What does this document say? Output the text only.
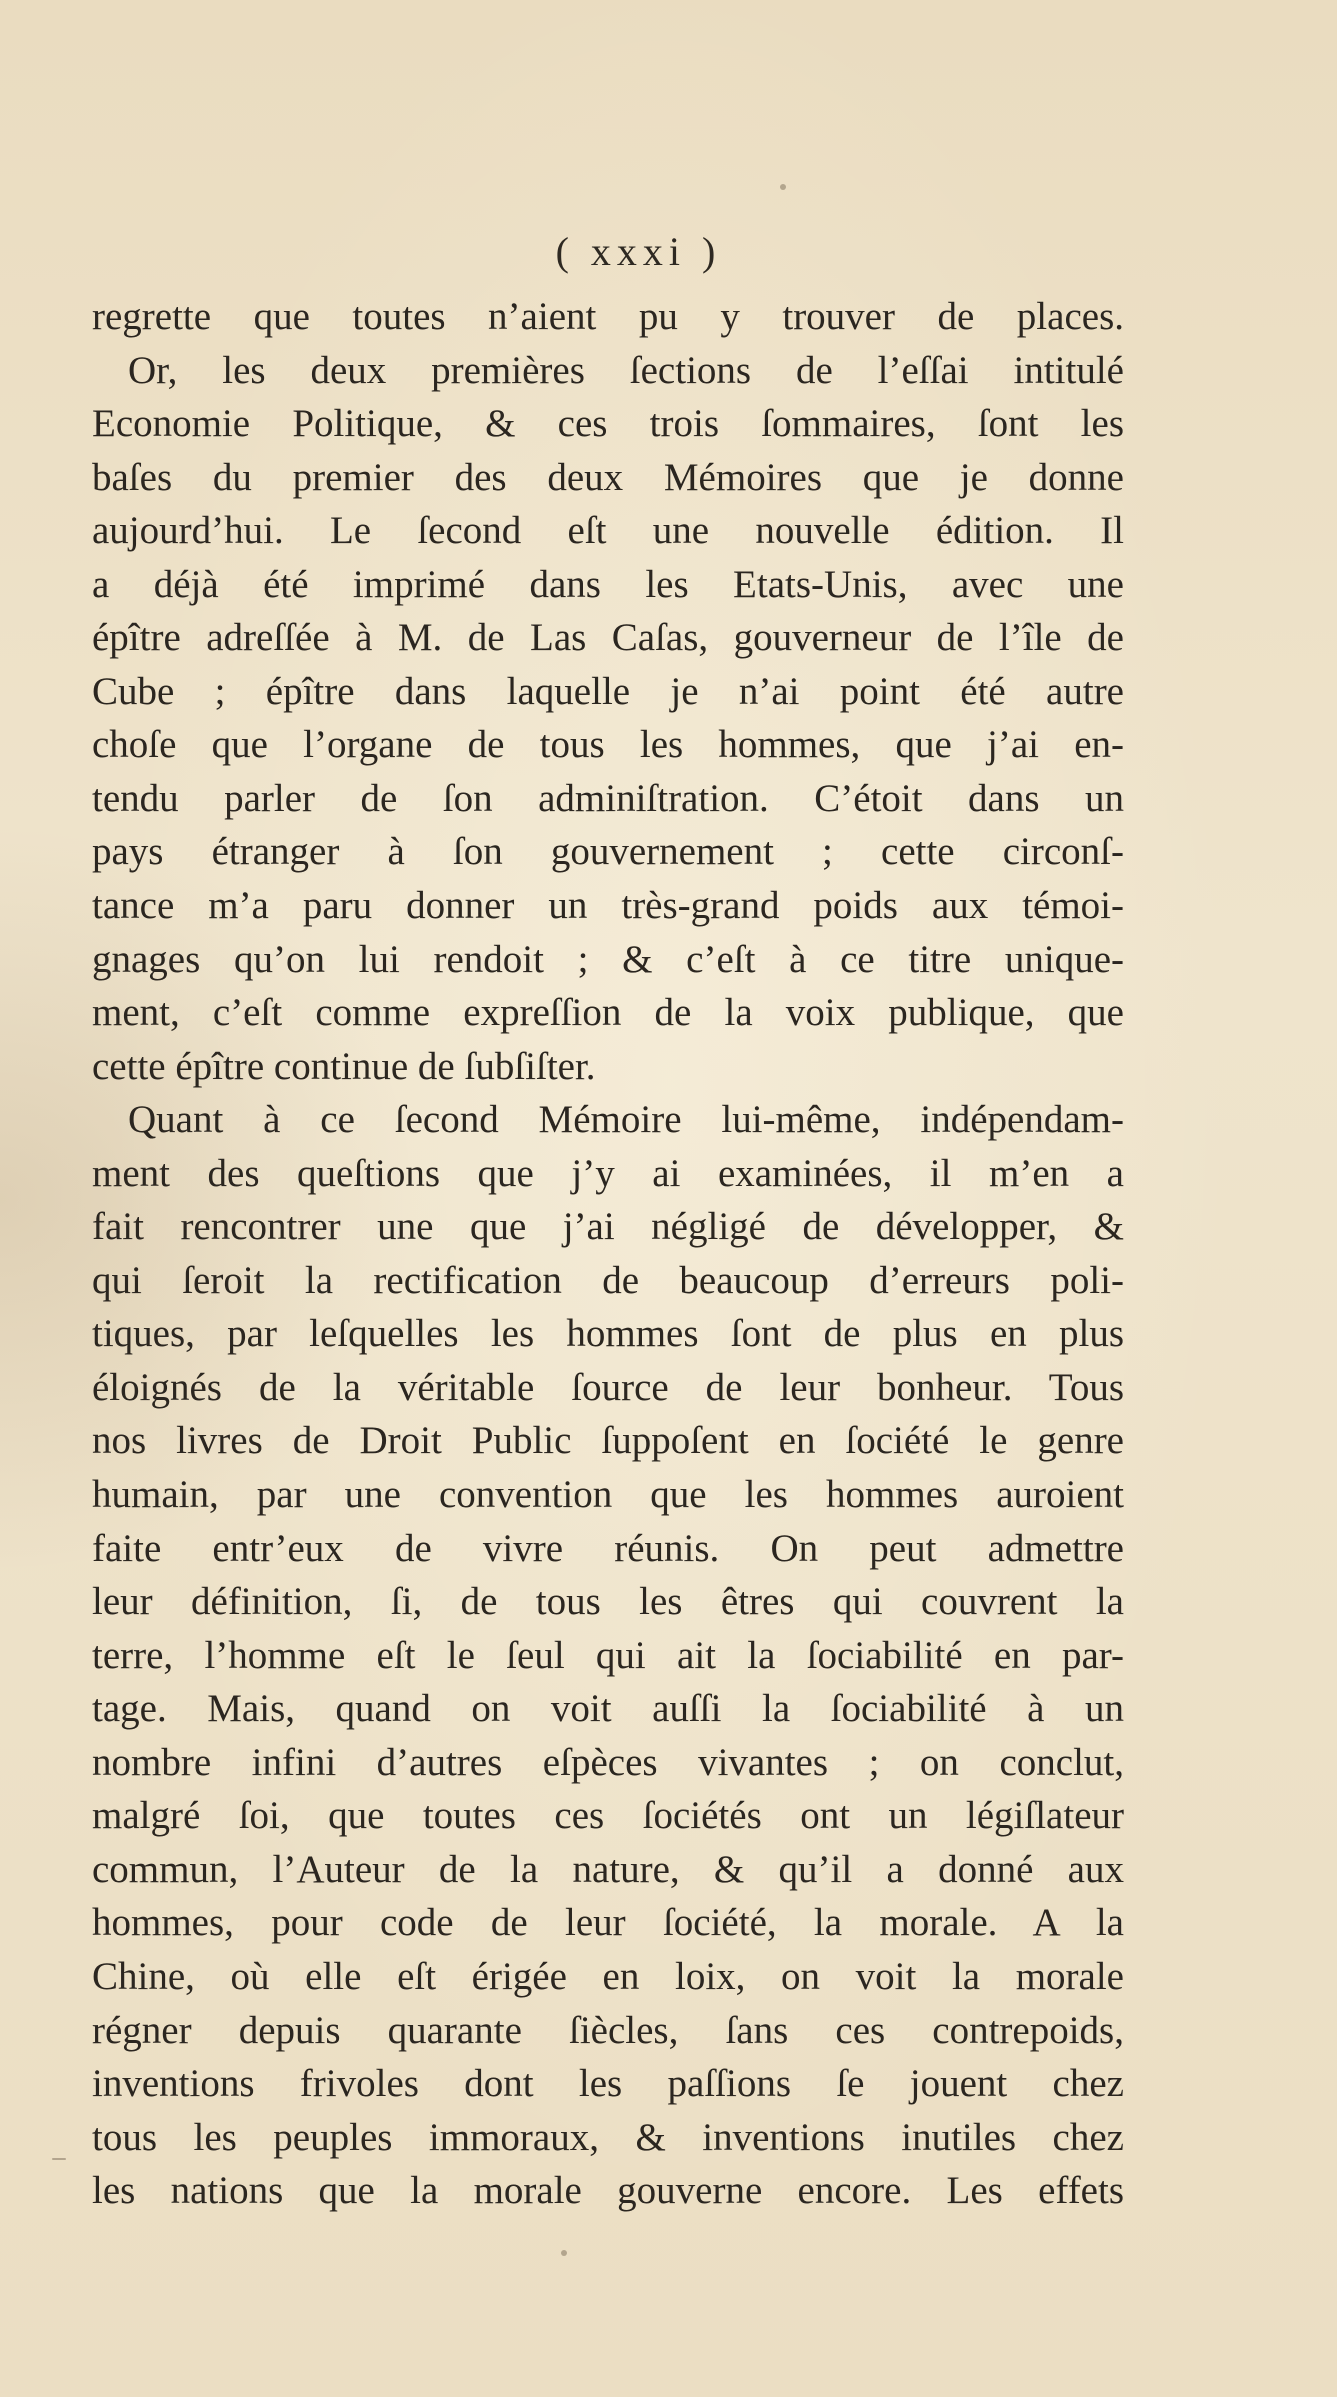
( xxxi )
regrette que toutes n’aient pu y trouver de places.
Or, les deux premières ſections de l’eſſai intitulé
Economie Politique, & ces trois ſommaires, ſont les
baſes du premier des deux Mémoires que je donne
aujourd’hui. Le ſecond eſt une nouvelle édition. Il
a déjà été imprimé dans les Etats-Unis, avec une
épître adreſſée à M. de Las Caſas, gouverneur de l’île de
Cube ; épître dans laquelle je n’ai point été autre
choſe que l’organe de tous les hommes, que j’ai en-
tendu parler de ſon adminiſtration. C’étoit dans un
pays étranger à ſon gouvernement ; cette circonſ-
tance m’a paru donner un très-grand poids aux témoi-
gnages qu’on lui rendoit ; & c’eſt à ce titre unique-
ment, c’eſt comme expreſſion de la voix publique, que
cette épître continue de ſubſiſter.
Quant à ce ſecond Mémoire lui-même, indépendam-
ment des queſtions que j’y ai examinées, il m’en a
fait rencontrer une que j’ai négligé de développer, &
qui ſeroit la rectification de beaucoup d’erreurs poli-
tiques, par leſquelles les hommes ſont de plus en plus
éloignés de la véritable ſource de leur bonheur. Tous
nos livres de Droit Public ſuppoſent en ſociété le genre
humain, par une convention que les hommes auroient
faite entr’eux de vivre réunis. On peut admettre
leur définition, ſi, de tous les êtres qui couvrent la
terre, l’homme eſt le ſeul qui ait la ſociabilité en par-
tage. Mais, quand on voit auſſi la ſociabilité à un
nombre infini d’autres eſpèces vivantes ; on conclut,
malgré ſoi, que toutes ces ſociétés ont un légiſlateur
commun, l’Auteur de la nature, & qu’il a donné aux
hommes, pour code de leur ſociété, la morale. A la
Chine, où elle eſt érigée en loix, on voit la morale
régner depuis quarante ſiècles, ſans ces contrepoids,
inventions frivoles dont les paſſions ſe jouent chez
tous les peuples immoraux, & inventions inutiles chez
les nations que la morale gouverne encore. Les effets
